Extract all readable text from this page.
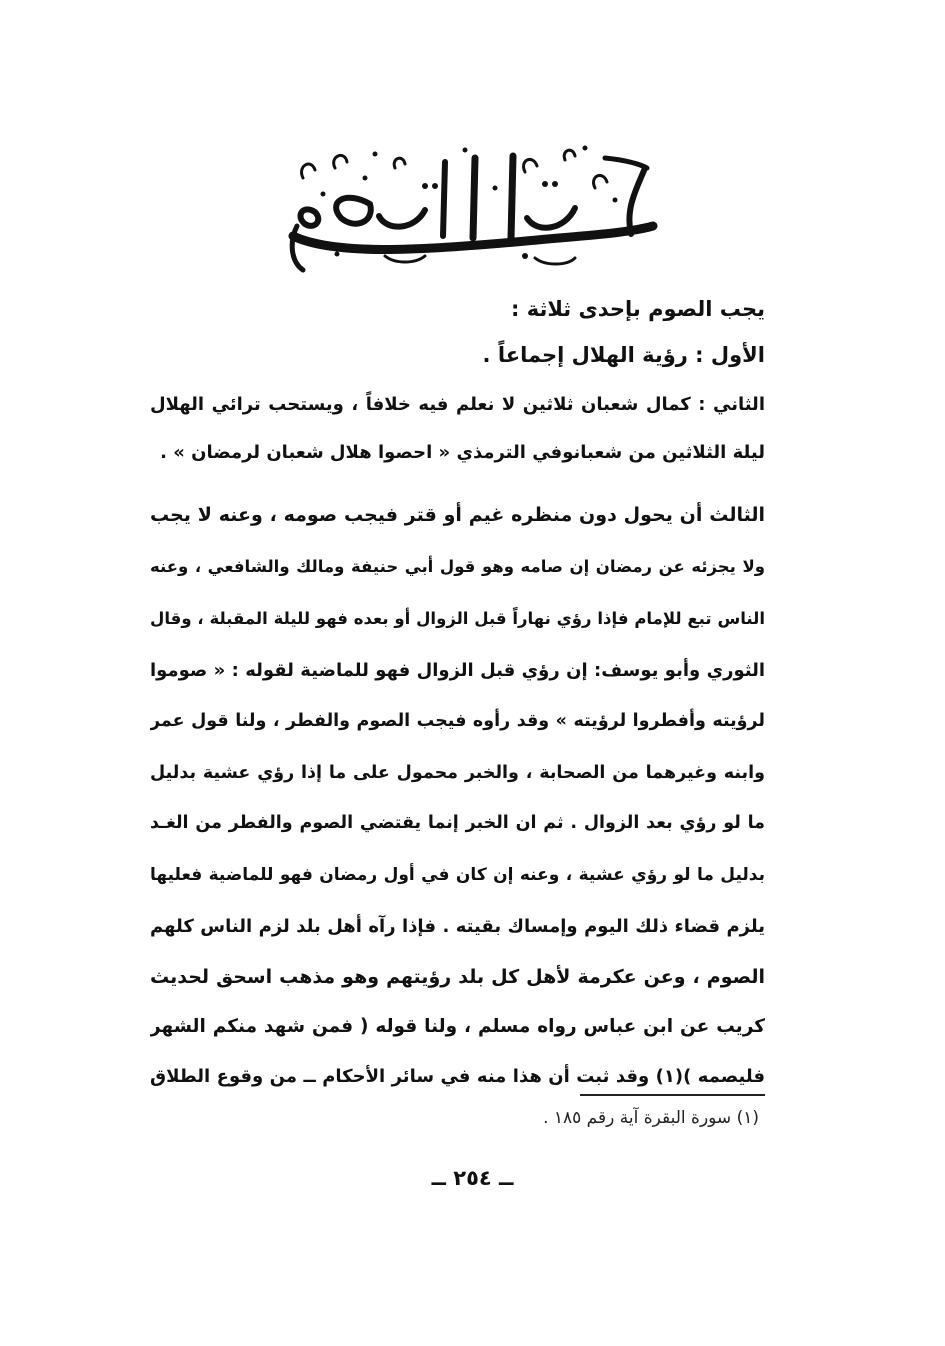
يجب الصوم بإحدى ثلاثة :
الأول : رؤية الهلال إجماعاً .
الثاني : كمال شعبان ثلاثين لا نعلم فيه خلافاً ، ويستحب ترائي الهلال
ليلة الثلاثين من شعبانوفي الترمذي « احصوا هلال شعبان لرمضان » .
الثالث أن يحول دون منظره غيم أو قتر فيجب صومه ، وعنه لا يجب
ولا يجزئه عن رمضان إن صامه وهو قول أبي حنيفة ومالك والشافعي ، وعنه
الناس تبع للإمام فإذا رؤي نهاراً قبل الزوال أو بعده فهو لليلة المقبلة ، وقال
الثوري وأبو يوسف: إن رؤي قبل الزوال فهو للماضية لقوله : « صوموا
لرؤيته وأفطروا لرؤيته » وقد رأوه فيجب الصوم والفطر ، ولنا قول عمر
وابنه وغيرهما من الصحابة ، والخبر محمول على ما إذا رؤي عشية بدليل
ما لو رؤي بعد الزوال . ثم ان الخبر إنما يقتضي الصوم والفطر من الغـد
بدليل ما لو رؤي عشية ، وعنه إن كان في أول رمضان فهو للماضية فعليها
يلزم قضاء ذلك اليوم وإمساك بقيته . فإذا رآه أهل بلد لزم الناس كلهم
الصوم ، وعن عكرمة لأهل كل بلد رؤيتهم وهو مذهب اسحق لحديث
كريب عن ابن عباس رواه مسلم ، ولنا قوله ( فمن شهد منكم الشهر
فليصمه )(١) وقد ثبت أن هذا منه في سائر الأحكام ــ من وقوع الطلاق
(١) سورة البقرة آية رقم ١٨٥ .
ــ ٢٥٤ ــ
